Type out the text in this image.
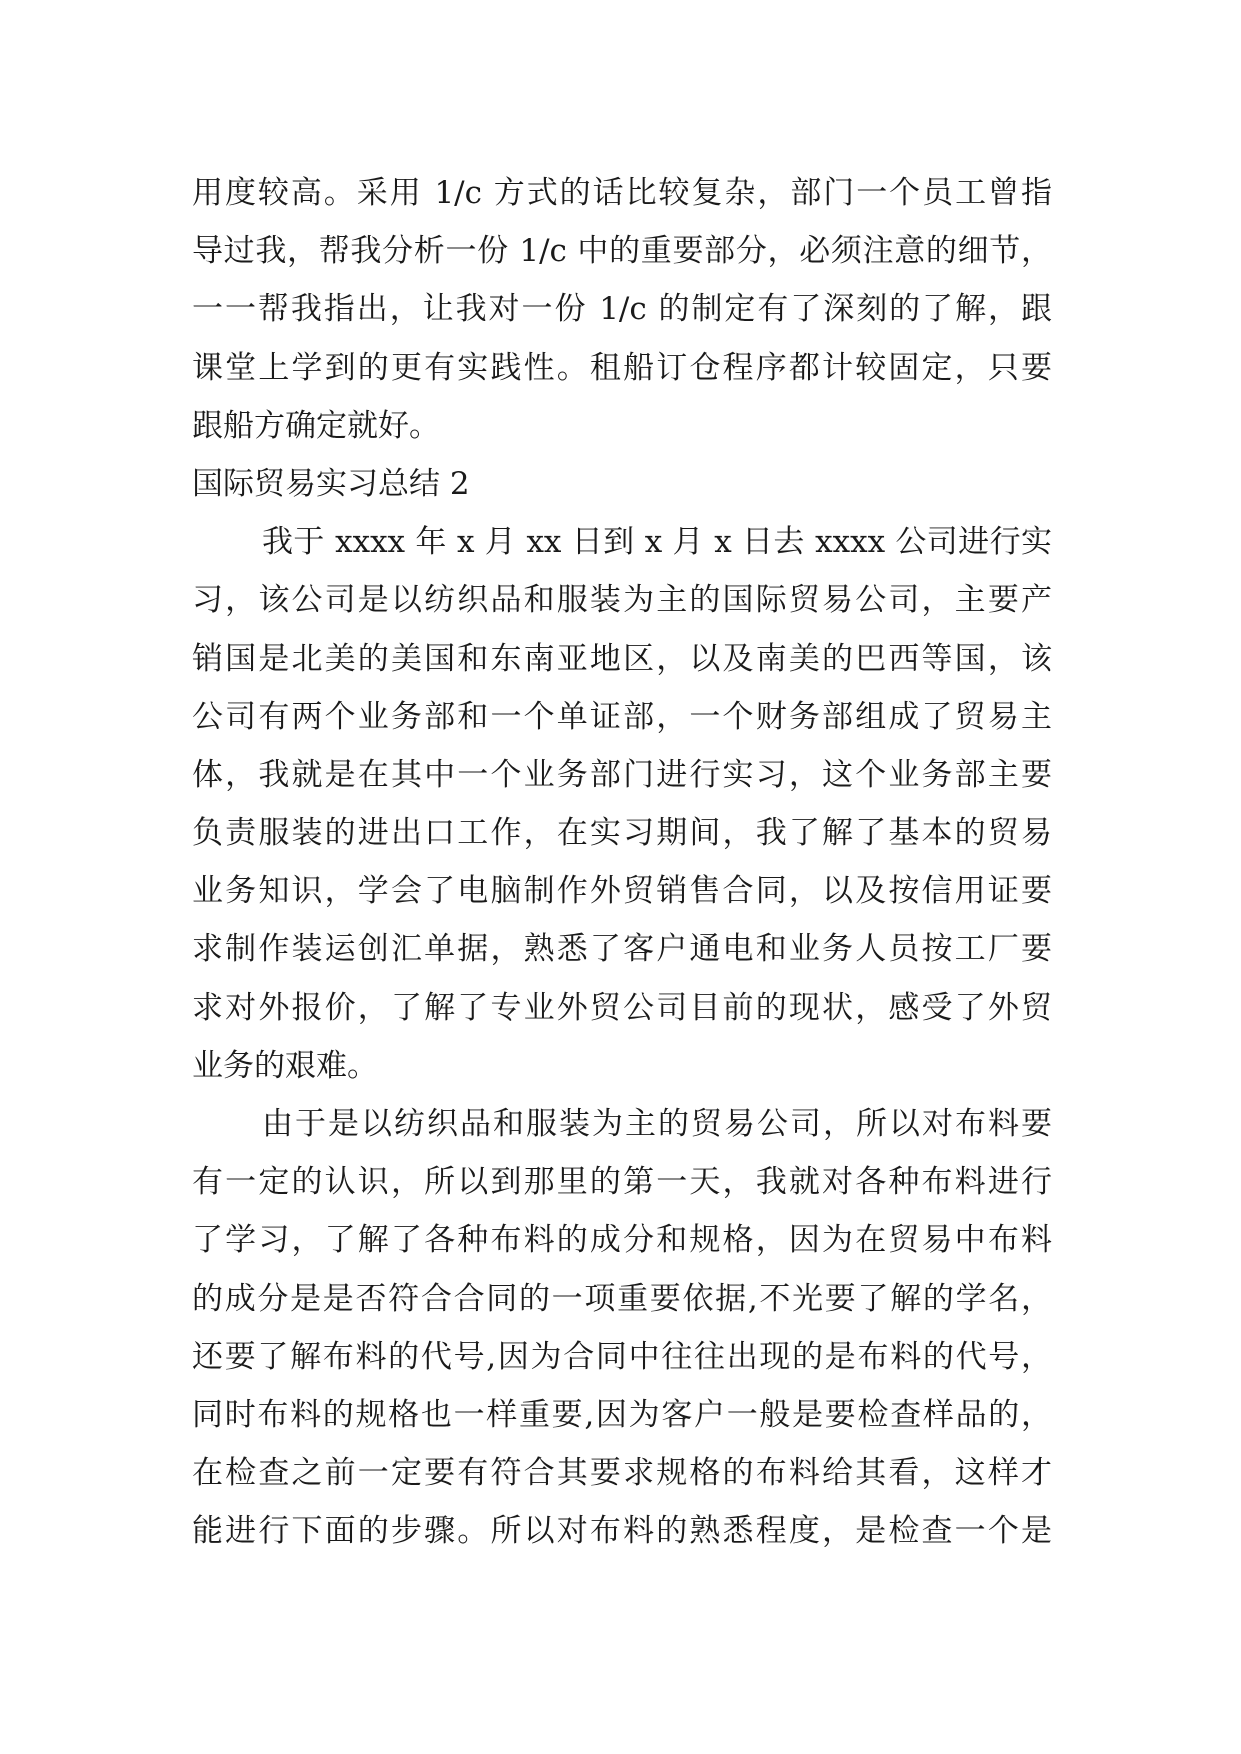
用度较高。采用 1/c 方式的话比较复杂，部门一个员工曾指
导过我，帮我分析一份 1/c 中的重要部分，必须注意的细节，
一一帮我指出，让我对一份 1/c 的制定有了深刻的了解，跟
课堂上学到的更有实践性。租船订仓程序都计较固定，只要
跟船方确定就好。
国际贸易实习总结 2
我于 xxxx 年 x 月 xx 日到 x 月 x 日去 xxxx 公司进行实
习，该公司是以纺织品和服装为主的国际贸易公司，主要产
销国是北美的美国和东南亚地区，以及南美的巴西等国，该
公司有两个业务部和一个单证部，一个财务部组成了贸易主
体，我就是在其中一个业务部门进行实习，这个业务部主要
负责服装的进出口工作，在实习期间，我了解了基本的贸易
业务知识，学会了电脑制作外贸销售合同，以及按信用证要
求制作装运创汇单据，熟悉了客户通电和业务人员按工厂要
求对外报价，了解了专业外贸公司目前的现状，感受了外贸
业务的艰难。
由于是以纺织品和服装为主的贸易公司，所以对布料要
有一定的认识，所以到那里的第一天，我就对各种布料进行
了学习，了解了各种布料的成分和规格，因为在贸易中布料
的成分是是否符合合同的一项重要依据,不光要了解的学名，
还要了解布料的代号,因为合同中往往出现的是布料的代号，
同时布料的规格也一样重要,因为客户一般是要检查样品的，
在检查之前一定要有符合其要求规格的布料给其看，这样才
能进行下面的步骤。所以对布料的熟悉程度，是检查一个是
